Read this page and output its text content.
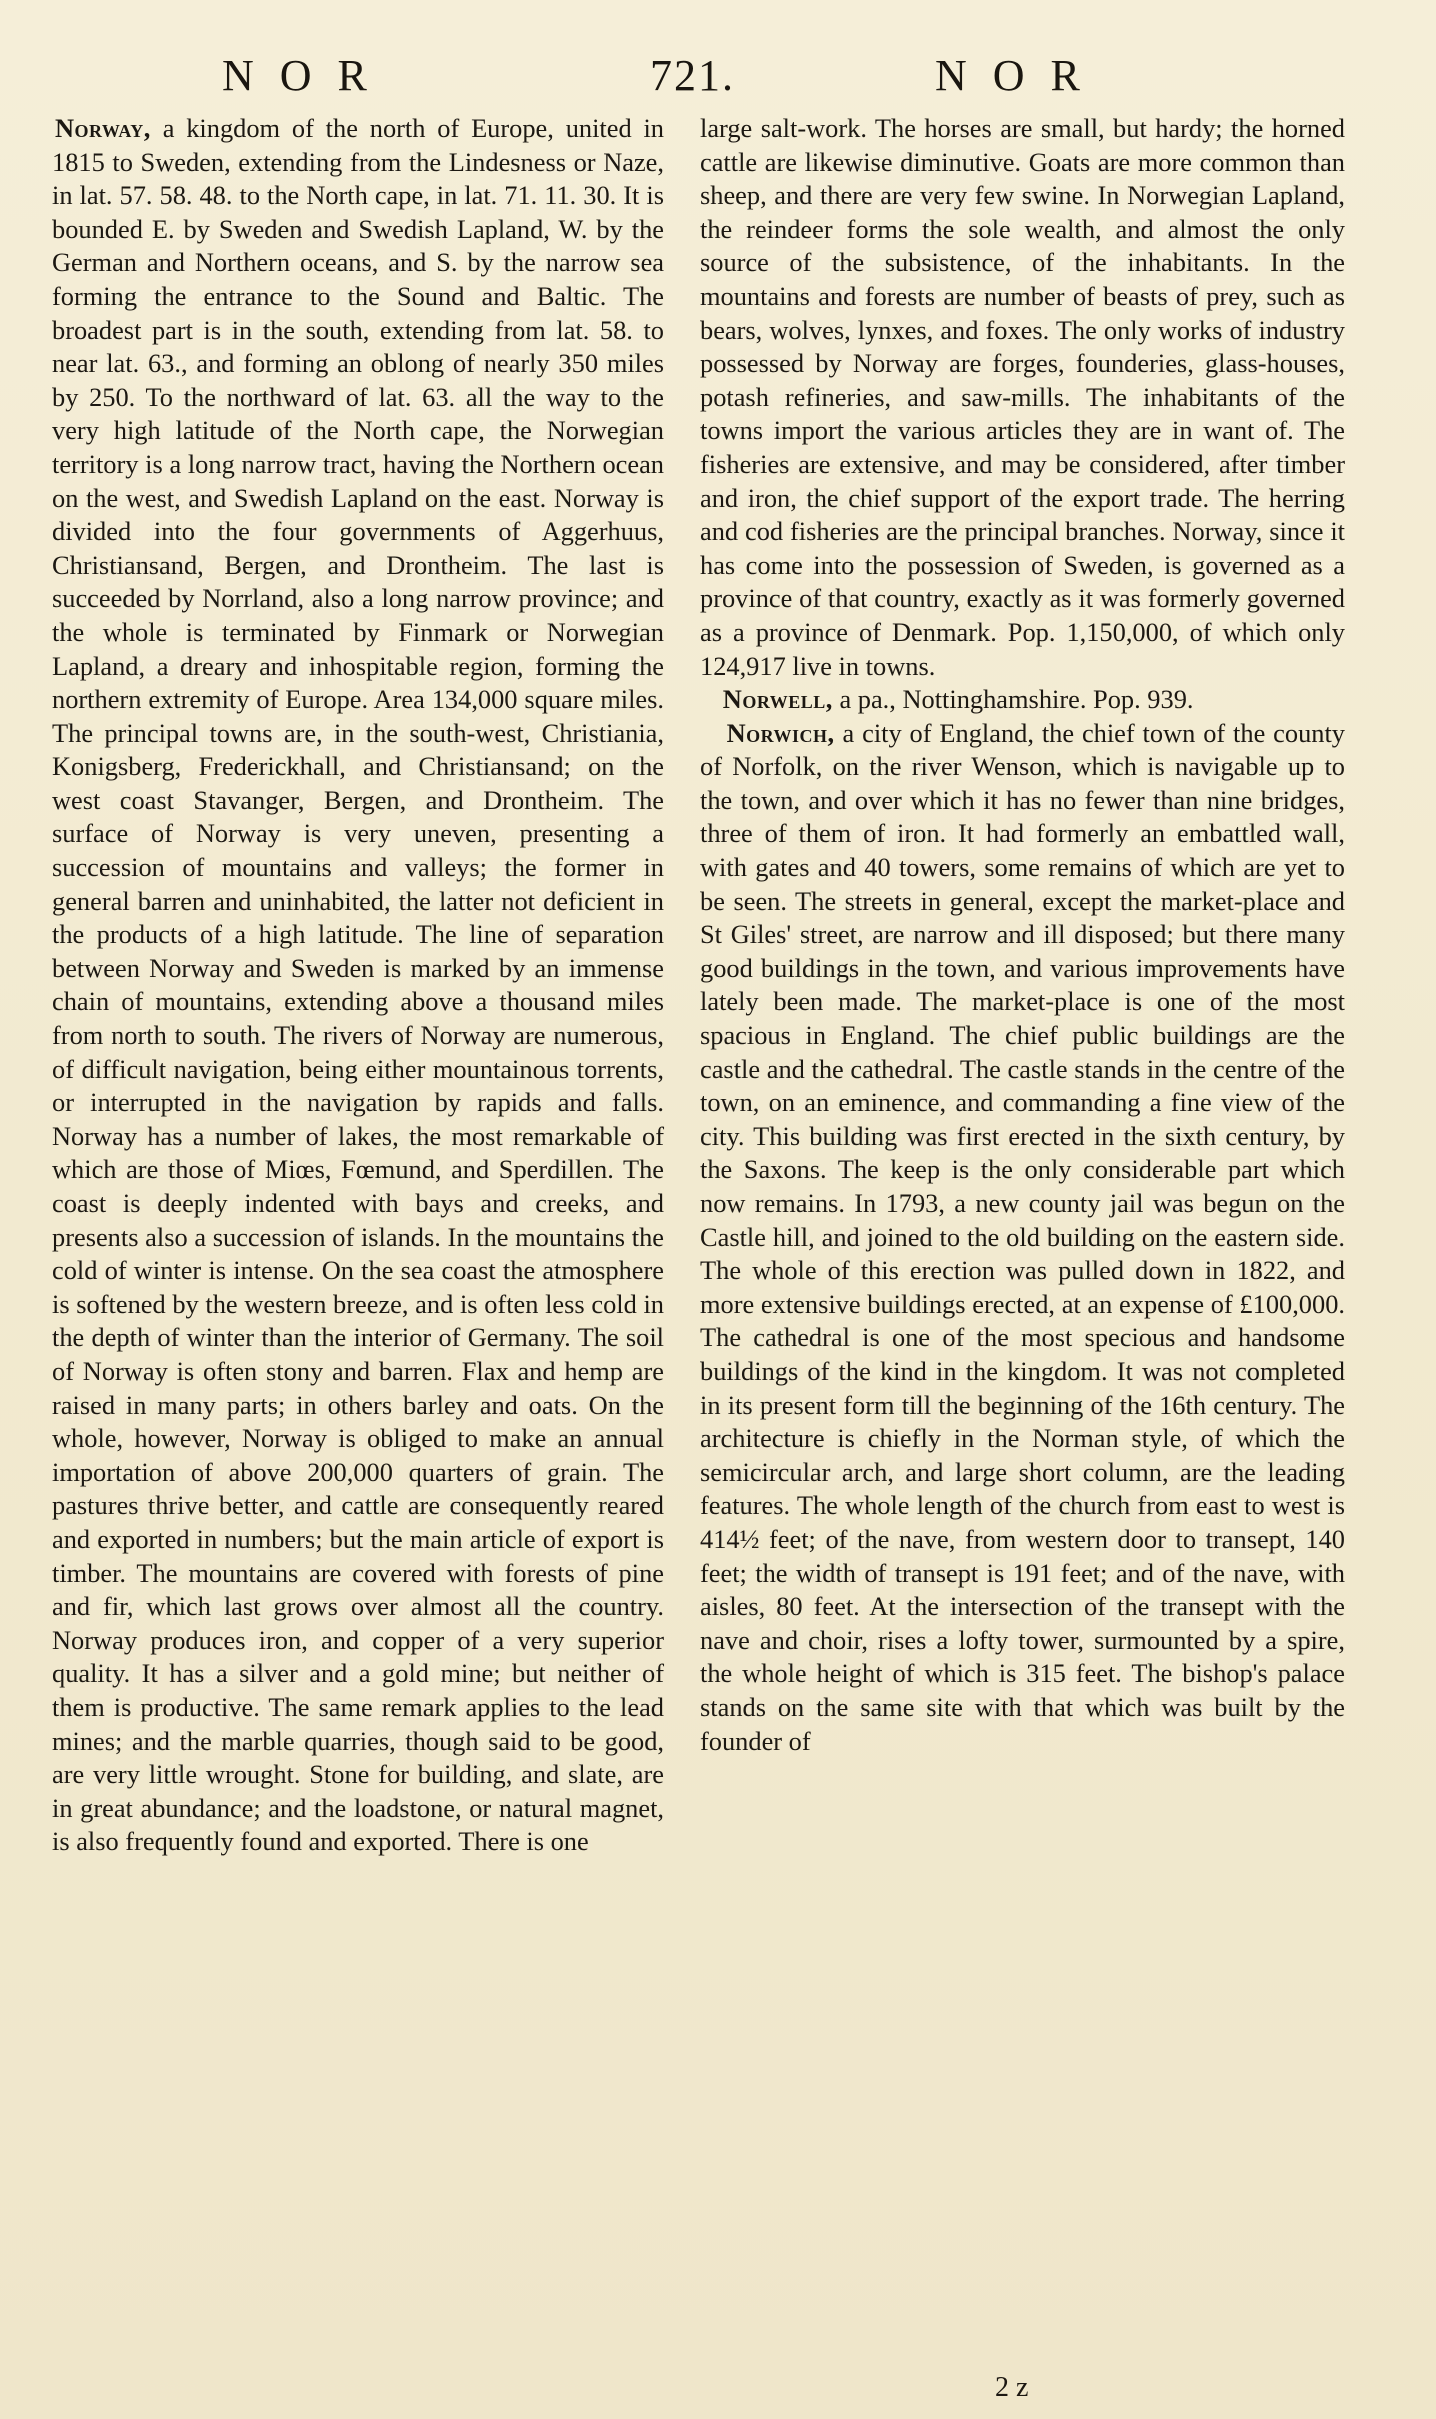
NOR	721.	NOR

Norway, a kingdom of the north of Europe, united in 1815 to Sweden, extending from the Lindesness or Naze, in lat. 57. 58. 48. to the North cape, in lat. 71. 11. 30. It is bounded E. by Sweden and Swedish Lapland, W. by the German and Northern oceans, and S. by the narrow sea forming the entrance to the Sound and Baltic. The broadest part is in the south, extending from lat. 58. to near lat. 63., and forming an oblong of nearly 350 miles by 250. To the northward of lat. 63. all the way to the very high latitude of the North cape, the Norwegian territory is a long narrow tract, having the Northern ocean on the west, and Swedish Lapland on the east. Norway is divided into the four governments of Aggerhuus, Christiansand, Bergen, and Drontheim. The last is succeeded by Norrland, also a long narrow province; and the whole is terminated by Finmark or Norwegian Lapland, a dreary and inhospitable region, forming the northern extremity of Europe. Area 134,000 square miles. The principal towns are, in the south-west, Christiania, Konigsberg, Frederickhall, and Christiansand; on the west coast Stavanger, Bergen, and Drontheim. The surface of Norway is very uneven, presenting a succession of mountains and valleys; the former in general barren and uninhabited, the latter not deficient in the products of a high latitude. The line of separation between Norway and Sweden is marked by an immense chain of mountains, extending above a thousand miles from north to south. The rivers of Norway are numerous, of difficult navigation, being either mountainous torrents, or interrupted in the navigation by rapids and falls. Norway has a number of lakes, the most remarkable of which are those of Miœs, Fœmund, and Sperdillen. The coast is deeply indented with bays and creeks, and presents also a succession of islands. In the mountains the cold of winter is intense. On the sea coast the atmosphere is softened by the western breeze, and is often less cold in the depth of winter than the interior of Germany. The soil of Norway is often stony and barren. Flax and hemp are raised in many parts; in others barley and oats. On the whole, however, Norway is obliged to make an annual importation of above 200,000 quarters of grain. The pastures thrive better, and cattle are consequently reared and exported in numbers; but the main article of export is timber. The mountains are covered with forests of pine and fir, which last grows over almost all the country. Norway produces iron, and copper of a very superior quality. It has a silver and a gold mine; but neither of them is productive. The same remark applies to the lead mines; and the marble quarries, though said to be good, are very little wrought. Stone for building, and slate, are in great abundance; and the loadstone, or natural magnet, is also frequently found and exported. There is one

large salt-work. The horses are small, but hardy; the horned cattle are likewise diminutive. Goats are more common than sheep, and there are very few swine. In Norwegian Lapland, the reindeer forms the sole wealth, and almost the only source of the subsistence, of the inhabitants. In the mountains and forests are number of beasts of prey, such as bears, wolves, lynxes, and foxes. The only works of industry possessed by Norway are forges, founderies, glass-houses, potash refineries, and saw-mills. The inhabitants of the towns import the various articles they are in want of. The fisheries are extensive, and may be considered, after timber and iron, the chief support of the export trade. The herring and cod fisheries are the principal branches. Norway, since it has come into the possession of Sweden, is governed as a province of that country, exactly as it was formerly governed as a province of Denmark. Pop. 1,150,000, of which only 124,917 live in towns.

Norwell, a pa., Nottinghamshire. Pop. 939.

Norwich, a city of England, the chief town of the county of Norfolk, on the river Wenson, which is navigable up to the town, and over which it has no fewer than nine bridges, three of them of iron. It had formerly an embattled wall, with gates and 40 towers, some remains of which are yet to be seen. The streets in general, except the market-place and St Giles' street, are narrow and ill disposed; but there many good buildings in the town, and various improvements have lately been made. The market-place is one of the most spacious in England. The chief public buildings are the castle and the cathedral. The castle stands in the centre of the town, on an eminence, and commanding a fine view of the city. This building was first erected in the sixth century, by the Saxons. The keep is the only considerable part which now remains. In 1793, a new county jail was begun on the Castle hill, and joined to the old building on the eastern side. The whole of this erection was pulled down in 1822, and more extensive buildings erected, at an expense of £100,000. The cathedral is one of the most specious and handsome buildings of the kind in the kingdom. It was not completed in its present form till the beginning of the 16th century. The architecture is chiefly in the Norman style, of which the semicircular arch, and large short column, are the leading features. The whole length of the church from east to west is 414½ feet; of the nave, from western door to transept, 140 feet; the width of transept is 191 feet; and of the nave, with aisles, 80 feet. At the intersection of the transept with the nave and choir, rises a lofty tower, surmounted by a spire, the whole height of which is 315 feet. The bishop's palace stands on the same site with that which was built by the founder of

2 z
